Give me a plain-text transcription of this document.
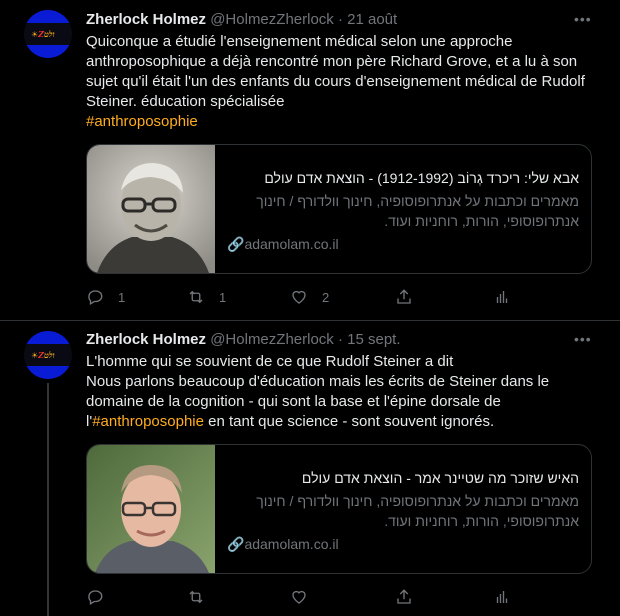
☀Zולט
Zherlock Holmez @HolmezZherlock · 21 août	•••
Quiconque a étudié l'enseignement médical selon une approche anthroposophique a déjà rencontré mon père Richard Grove, et a lu à son sujet qu'il était l'un des enfants du cours d'enseignement médical de Rudolf Steiner. éducation spécialisée
#anthroposophie
אבא שלי: ריכרד גְרוֹב (1912-1992) - הוצאת אדם עולם
מאמרים וכתבות על אנתרופוסופיה, חינוך וולדורף / חינוך אנתרופוסופי, הורות, רוחניות ועוד.
🔗adamolam.co.il
1	1	2
☀Zולט
Zherlock Holmez @HolmezZherlock · 15 sept.	•••
L'homme qui se souvient de ce que Rudolf Steiner a dit
Nous parlons beaucoup d'éducation mais les écrits de Steiner dans le domaine de la cognition - qui sont la base et l'épine dorsale de l'#anthroposophie en tant que science - sont souvent ignorés.
האיש שזוכר מה שטיינר אמר - הוצאת אדם עולם
מאמרים וכתבות על אנתרופוסופיה, חינוך וולדורף / חינוך אנתרופוסופי, הורות, רוחניות ועוד.
🔗adamolam.co.il
